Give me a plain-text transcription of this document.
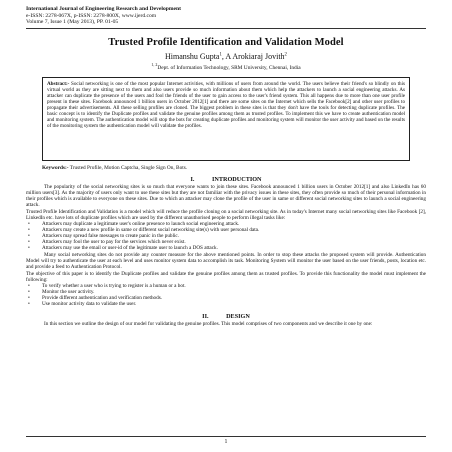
International Journal of Engineering Research and Development
e-ISSN: 2278-067X, p-ISSN: 2278-800X, www.ijerd.com
Volume 7, Issue 1 (May 2013), PP. 01-05
Trusted Profile Identification and Validation Model
Himanshu Gupta$^1$, A Arokiaraj Jovith$^2$
$^{1, 2}$Dept. of Information Technology, SRM University, Chennai, India
Abstract:- Social networking is one of the most popular Internet activities, with millions of users from around the world. The users believe their friend's so blindly on this virtual world as they are sitting next to them and also users provide so much information about them which help the attackers to launch a social engineering attacks. As attacker can duplicate the presence of the users and fool the friends of the user to gain access to the user's friend system. This all happens due to more than one user profile present in these sites. Facebook announced 1 billion users in October 2012[1] and there are some sites on the Internet which sells the Facebook[2] and other user profiles to propagate their advertisements. All these selling profiles are cloned. The biggest problem in these sites is that they don't have the tools for detecting duplicate profiles. The basic concept is to identify the Duplicate profiles and validate the genuine profiles among them as trusted profiles. To implement this we have to create authentication model and monitoring system. The authentication model will stop the bots for creating duplicate profiles and monitoring system will monitor the user activity and based on the results of the monitoring system the authentication model will validate the profiles.
Keywords:- Trusted Profile, Motion Captcha, Single Sign On, Bots.
I.	INTRODUCTION

The popularity of the social networking sites is so much that everyone wants to join these sites. Facebook announced 1 billion users in October 2012[1] and also LinkedIn has 60 million users[3]. As the majority of users only want to use these sites but they are not familiar with the privacy issues in these sites, they often provide so much of their personal information in their profiles which is available to everyone on these sites. Due to which an attacker may clone the profile of the user in same or different social networking sites to launch a social engineering attack.

Trusted Profile Identification and Validation is a model which will reduce the profile cloning on a social networking site. As in today's Internet many social networking sites like Facebook [2], LinkedIn etc. have lots of duplicate profiles which are used by the different unauthorised people to perform illegal tasks like:

• Attackers may duplicate a legitimate user's online presence to launch social engineering attack.
• Attackers may create a new profile in same or different social networking site(s) with user personal data.
• Attackers may spread false messages to create panic in the public.
• Attackers may fool the user to pay for the services which never exist.
• Attackers may use the email or user-id of the legitimate user to launch a DOS attack.

Many social networking sites do not provide any counter measure for the above mentioned points. In order to stop these attacks the proposed system will provide. Authentication Model will try to authenticate the user at each level and uses monitor system data to accomplish its task. Monitoring System will monitor the user based on the user friends, posts, location etc. and provide a feed to Authentication Protocol.

The objective of this paper is to identify the Duplicate profiles and validate the genuine profiles among them as trusted profiles. To provide this functionality the model must implement the following:

• To verify whether a user who is trying to register is a human or a bot.
• Monitor the user activity.
• Provide different authentication and verification methods.
• Use monitor activity data to validate the user.
II.	DESIGN

In this section we outline the design of our model for validating the genuine profiles. This model comprises of two components and we describe it one by one:

1
